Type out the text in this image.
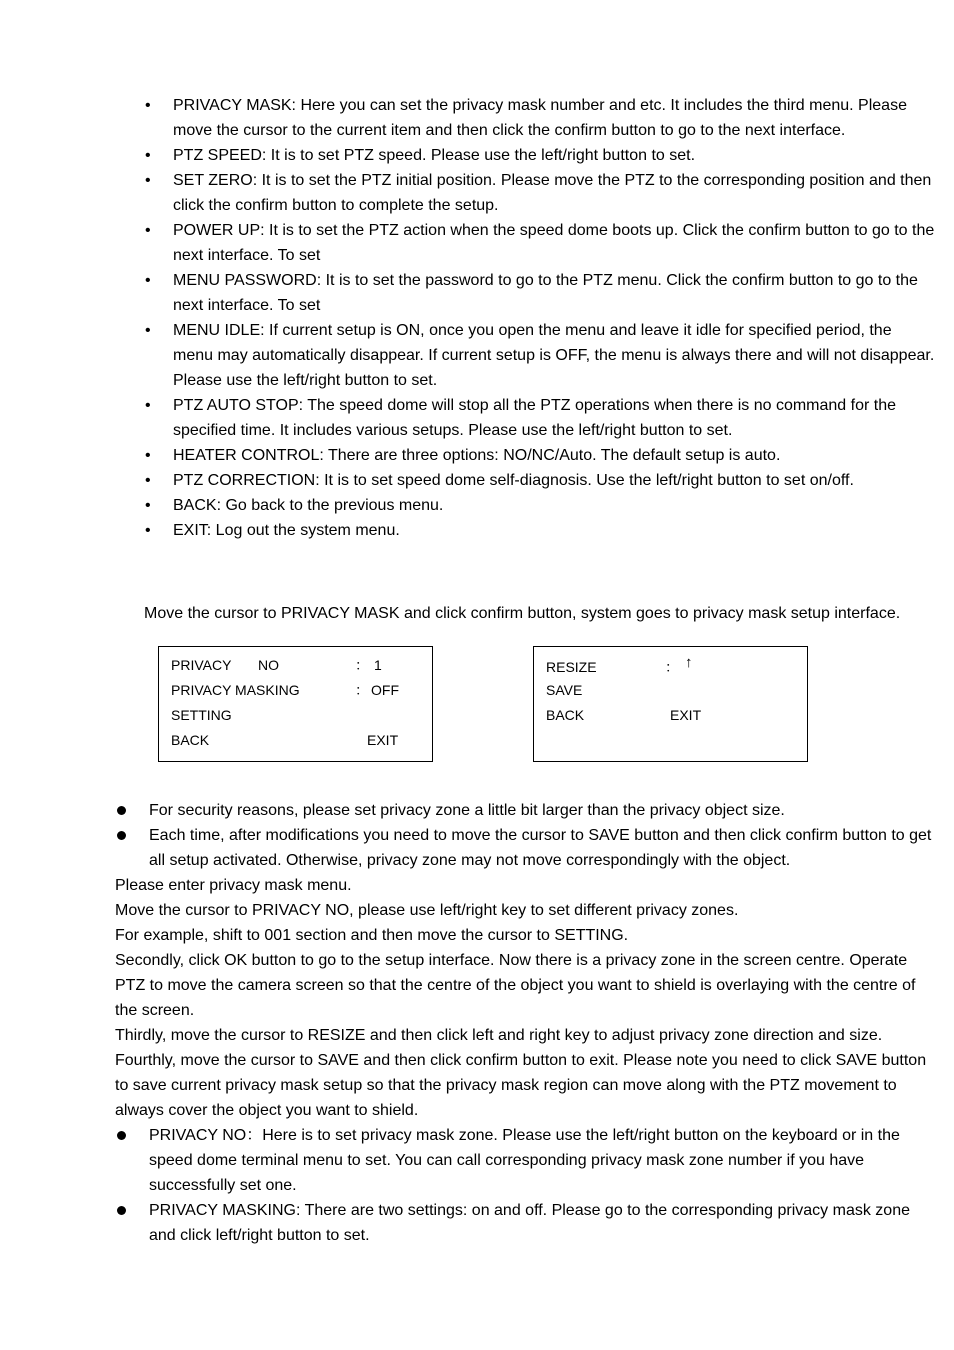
•
PRIVACY MASK: Here you can set the privacy mask number and etc. It includes the third menu. Please move the cursor to the current item and then click the confirm button to go to the next interface.
•
PTZ SPEED: It is to set PTZ speed. Please use the left/right button to set.
•
SET ZERO: It is to set the PTZ initial position. Please move the PTZ to the corresponding position and then click the confirm button to complete the setup.
•
POWER UP: It is to set the PTZ action when the speed dome boots up. Click the confirm button to go to the next interface. To set
•
MENU PASSWORD: It is to set the password to go to the PTZ menu. Click the confirm button to go to the next interface. To set
•
MENU IDLE: If current setup is ON, once you open the menu and leave it idle for specified period, the menu may automatically disappear. If current setup is OFF, the menu is always there and will not disappear. Please use the left/right button to set.
•
PTZ AUTO STOP: The speed dome will stop all the PTZ operations when there is no command for the specified time. It includes various setups. Please use the left/right button to set.
•
HEATER CONTROL: There are three options: NO/NC/Auto. The default setup is auto.
•
PTZ CORRECTION: It is to set speed dome self-diagnosis. Use the left/right button to set on/off.
•
BACK: Go back to the previous menu.
•
EXIT: Log out the system menu.
Move the cursor to PRIVACY MASK and click confirm button, system goes to privacy mask setup interface.
PRIVACY NO	： 1
PRIVACY MASKING	： OFF
SETTING
BACK	EXIT
RESIZE	： ↑
SAVE
BACK	EXIT
For security reasons, please set privacy zone a little bit larger than the privacy object size.
Each time, after modifications you need to move the cursor to SAVE button and then click confirm button to get all setup activated. Otherwise, privacy zone may not move correspondingly with the object.
Please enter privacy mask menu.
Move the cursor to PRIVACY NO, please use left/right key to set different privacy zones.
For example, shift to 001 section and then move the cursor to SETTING.
Secondly, click OK button to go to the setup interface. Now there is a privacy zone in the screen centre. Operate PTZ to move the camera screen so that the centre of the object you want to shield is overlaying with the centre of the screen.
Thirdly, move the cursor to RESIZE and then click left and right key to adjust privacy zone direction and size.
Fourthly, move the cursor to SAVE and then click confirm button to exit. Please note you need to click SAVE button to save current privacy mask setup so that the privacy mask region can move along with the PTZ movement to always cover the object you want to shield.
PRIVACY NO：Here is to set privacy mask zone. Please use the left/right button on the keyboard or in the speed dome terminal menu to set. You can call corresponding privacy mask zone number if you have successfully set one.
PRIVACY MASKING: There are two settings: on and off. Please go to the corresponding privacy mask zone and click left/right button to set.
